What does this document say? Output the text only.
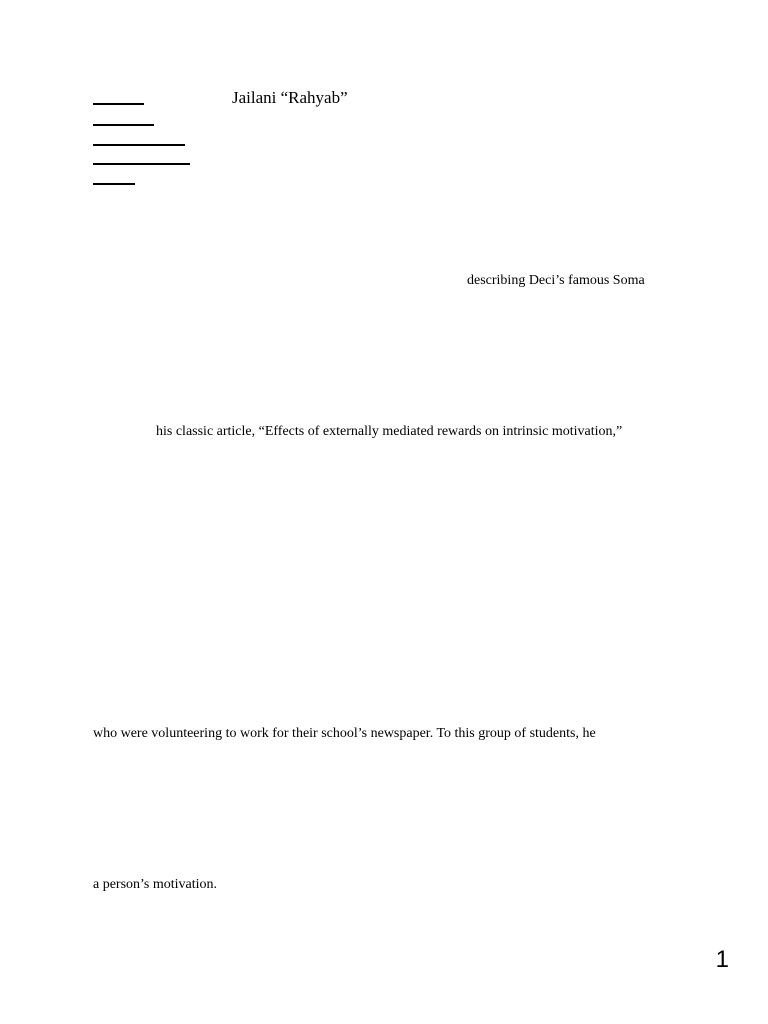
Jailani “Rahyab”
describing Deci’s famous Soma
his classic article, “Effects of externally mediated rewards on intrinsic motivation,”
who were volunteering to work for their school’s newspaper. To this group of students, he
a person’s motivation.
1
